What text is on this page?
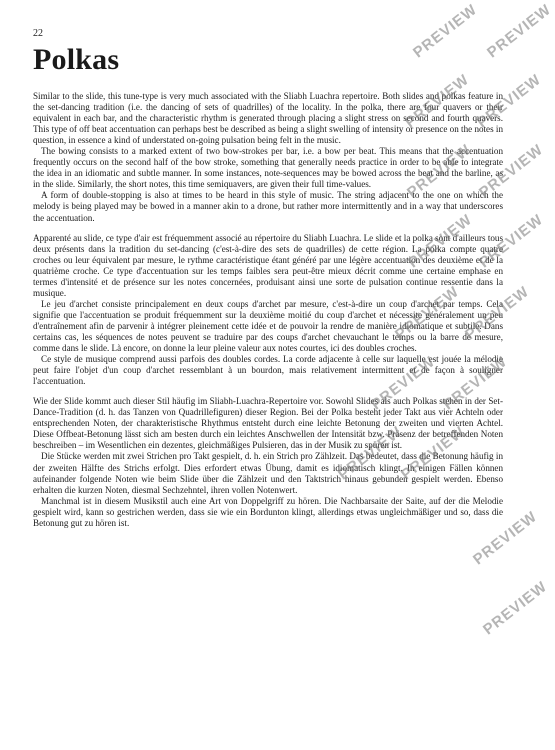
22

Polkas

Similar to the slide, this tune-type is very much associated with the Sliabh Luachra repertoire. Both slides and polkas feature in the set-dancing tradition (i.e. the dancing of sets of quadrilles) of the locality. In the polka, there are four quavers or their equivalent in each bar, and the characteristic rhythm is generated through placing a slight stress on second and fourth quavers. This type of off beat accentuation can perhaps best be described as being a slight swelling of intensity or presence on the notes in question, in essence a kind of understated on-going pulsation being felt in the music.

The bowing consists to a marked extent of two bow-strokes per bar, i.e. a bow per beat. This means that the accentuation frequently occurs on the second half of the bow stroke, something that generally needs practice in order to be able to integrate the idea in an idiomatic and subtle manner. In some instances, note-sequences may be bowed across the beat and the barline, as in the slide. Similarly, the short notes, this time semiquavers, are given their full time-values.

A form of double-stopping is also at times to be heard in this style of music. The string adjacent to the one on which the melody is being played may be bowed in a manner akin to a drone, but rather more intermittently and in a way that underscores the accentuation.

Apparenté au slide, ce type d'air est fréquemment associé au répertoire du Sliabh Luachra. Le slide et la polka sont d'ailleurs tous deux présents dans la tradition du set-dancing (c'est-à-dire des sets de quadrilles) de cette région. La polka compte quatre croches ou leur équivalent par mesure, le rythme caractéristique étant généré par une légère accentuation des deuxième et de la quatrième croche. Ce type d'accentuation sur les temps faibles sera peut-être mieux décrit comme une certaine emphase en termes d'intensité et de présence sur les notes concernées, produisant ainsi une sorte de pulsation continue ressentie dans la musique.

Le jeu d'archet consiste principalement en deux coups d'archet par mesure, c'est-à-dire un coup d'archet par temps. Cela signifie que l'accentuation se produit fréquemment sur la deuxième moitié du coup d'archet et nécessite généralement un peu d'entraînement afin de parvenir à intégrer pleinement cette idée et de pouvoir la rendre de manière idiomatique et subtile. Dans certains cas, les séquences de notes peuvent se traduire par des coups d'archet chevauchant le temps ou la barre de mesure, comme dans le slide. Là encore, on donne la leur pleine valeur aux notes courtes, ici des doubles croches.

Ce style de musique comprend aussi parfois des doubles cordes. La corde adjacente à celle sur laquelle est jouée la mélodie peut faire l'objet d'un coup d'archet ressemblant à un bourdon, mais relativement intermittent et de façon à souligner l'accentuation.

Wie der Slide kommt auch dieser Stil häufig im Sliabh-Luachra-Repertoire vor. Sowohl Slides als auch Polkas stehen in der Set-Dance-Tradition (d. h. das Tanzen von Quadrillefiguren) dieser Region. Bei der Polka besteht jeder Takt aus vier Achteln oder entsprechenden Noten, der charakteristische Rhythmus entsteht durch eine leichte Betonung der zweiten und vierten Achtel. Diese Offbeat-Betonung lässt sich am besten durch ein leichtes Anschwellen der Intensität bzw. Präsenz der betreffenden Noten beschreiben – im Wesentlichen ein dezentes, gleichmäßiges Pulsieren, das in der Musik zu spüren ist.

Die Stücke werden mit zwei Strichen pro Takt gespielt, d. h. ein Strich pro Zählzeit. Das bedeutet, dass die Betonung häufig in der zweiten Hälfte des Strichs erfolgt. Dies erfordert etwas Übung, damit es idiomatisch klingt. In einigen Fällen können aufeinander folgende Noten wie beim Slide über die Zählzeit und den Taktstrich hinaus gebunden gespielt werden. Ebenso erhalten die kurzen Noten, diesmal Sechzehntel, ihren vollen Notenwert.

Manchmal ist in diesem Musikstil auch eine Art von Doppelgriff zu hören. Die Nachbarsaite der Saite, auf der die Melodie gespielt wird, kann so gestrichen werden, dass sie wie ein Bordunton klingt, allerdings etwas ungleichmäßiger und so, dass die Betonung gut zu hören ist.

PREVIEW
PREVIEW
PREVIEW PREVIEW
PREVIEW PREVIEW
PREVIEW PREVIEW
PREVIEW PREVIEW
PREVIEW PREVIEW
PREVIEW PREVIEW
PREVIEW
PREVIEW
